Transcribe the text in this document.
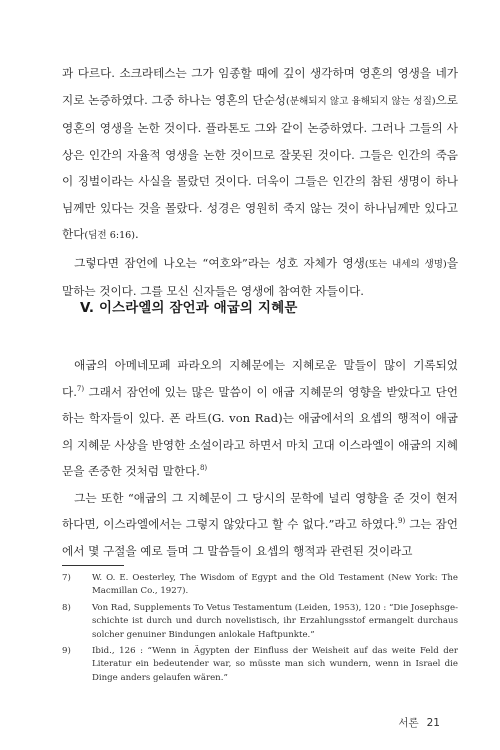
과 다르다. 소크라테스는 그가 임종할 때에 깊이 생각하며 영혼의 영생을 네가지로 논증하였다. 그중 하나는 영혼의 단순성(분해되지 않고 융해되지 않는 성질)으로 영혼의 영생을 논한 것이다. 플라톤도 그와 같이 논증하였다. 그러나 그들의 사상은 인간의 자율적 영생을 논한 것이므로 잘못된 것이다. 그들은 인간의 죽음이 징벌이라는 사실을 몰랐던 것이다. 더욱이 그들은 인간의 참된 생명이 하나님께만 있다는 것을 몰랐다. 성경은 영원히 죽지 않는 것이 하나님께만 있다고 한다(딤전 6:16).

그렇다면 잠언에 나오는 “여호와”라는 성호 자체가 영생(또는 내세의 생명)을 말하는 것이다. 그를 모신 신자들은 영생에 참여한 자들이다.

V. 이스라엘의 잠언과 애굽의 지혜문

애굽의 아메네모페 파라오의 지혜문에는 지혜로운 말들이 많이 기록되었다.$^{7)}$ 그래서 잠언에 있는 많은 말씀이 이 애굽 지혜문의 영향을 받았다고 단언하는 학자들이 있다. 폰 라트(G. von Rad)는 애굽에서의 요셉의 행적이 애굽의 지혜문 사상을 반영한 소설이라고 하면서 마치 고대 이스라엘이 애굽의 지혜문을 존중한 것처럼 말한다.$^{8)}$

그는 또한 “애굽의 그 지혜문이 그 당시의 문학에 널리 영향을 준 것이 현저하다면, 이스라엘에서는 그렇지 않았다고 할 수 없다.”라고 하였다.$^{9)}$ 그는 잠언에서 몇 구절을 예로 들며 그 말씀들이 요셉의 행적과 관련된 것이라고

7)	W. O. E. Oesterley, The Wisdom of Egypt and the Old Testament (New York: The Macmillan Co., 1927).
8)	Von Rad, Supplements To Vetus Testamentum (Leiden, 1953), 120 : “Die Josephsge- schichte ist durch und durch novelistisch, ihr Erzahlungsstof ermangelt durchaus solcher genuiner Bindungen anlokale Haftpunkte.”
9)	Ibid., 126 : “Wenn in Ägypten der Einfluss der Weisheit auf das weite Feld der Literatur ein bedeutender war, so müsste man sich wundern, wenn in Israel die Dinge anders gelaufen wären.”
서론 21
